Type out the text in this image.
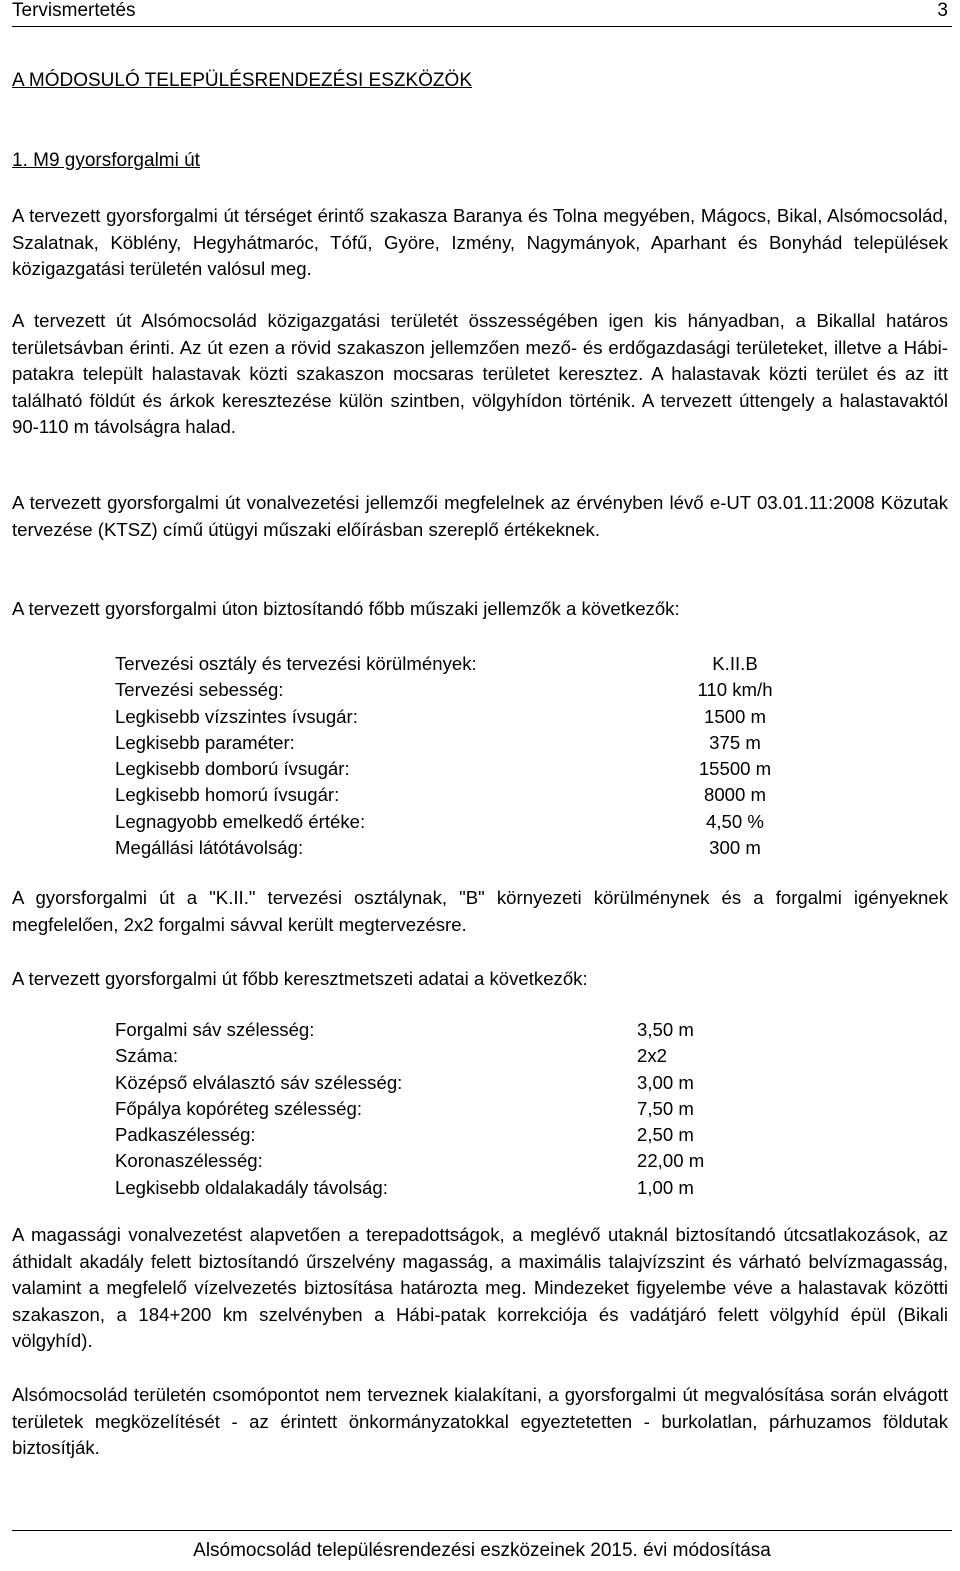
Tervismertetés	3
A MÓDOSULÓ TELEPÜLÉSRENDEZÉSI ESZKÖZÖK
1. M9 gyorsforgalmi út
A tervezett gyorsforgalmi út térséget érintő szakasza Baranya és Tolna megyében, Mágocs, Bikal, Alsómocsolád, Szalatnak, Köblény, Hegyhátmaróc, Tófű, Györe, Izmény, Nagymányok, Aparhant és Bonyhád települések közigazgatási területén valósul meg.
A tervezett út Alsómocsolád közigazgatási területét összességében igen kis hányadban, a Bikallal határos területsávban érinti. Az út ezen a rövid szakaszon jellemzően mező- és erdőgazdasági területeket, illetve a Hábi-patakra települt halastavak közti szakaszon mocsaras területet keresztez. A halastavak közti terület és az itt található földút és árkok keresztezése külön szintben, völgyhídon történik. A tervezett úttengely a halastavaktól 90-110 m távolságra halad.
A tervezett gyorsforgalmi út vonalvezetési jellemzői megfelelnek az érvényben lévő e-UT 03.01.11:2008 Közutak tervezése (KTSZ) című útügyi műszaki előírásban szereplő értékeknek.
A tervezett gyorsforgalmi úton biztosítandó főbb műszaki jellemzők a következők:
Tervezési osztály és tervezési körülmények:	K.II.B
Tervezési sebesség:	110 km/h
Legkisebb vízszintes ívsugár:	1500 m
Legkisebb paraméter:	375 m
Legkisebb domború ívsugár:	15500 m
Legkisebb homorú ívsugár:	8000 m
Legnagyobb emelkedő értéke:	4,50 %
Megállási látótávolság:	300 m
A gyorsforgalmi út a "K.II." tervezési osztálynak, "B" környezeti körülménynek és a forgalmi igényeknek megfelelően, 2x2 forgalmi sávval került megtervezésre.
A tervezett gyorsforgalmi út főbb keresztmetszeti adatai a következők:
Forgalmi sáv szélesség:	3,50 m
Száma:	2x2
Középső elválasztó sáv szélesség:	3,00 m
Főpálya kopóréteg szélesség:	7,50 m
Padkaszélesség:	2,50 m
Koronaszélesség:	22,00 m
Legkisebb oldalakadály távolság:	1,00 m
A magassági vonalvezetést alapvetően a terepadottságok, a meglévő utaknál biztosítandó útcsatlakozások, az áthidalt akadály felett biztosítandó űrszelvény magasság, a maximális talajvízszint és várható belvízmagasság, valamint a megfelelő vízelvezetés biztosítása határozta meg. Mindezeket figyelembe véve a halastavak közötti szakaszon, a 184+200 km szelvényben a Hábi-patak korrekciója és vadátjáró felett völgyhíd épül (Bikali völgyhíd).
Alsómocsolád területén csomópontot nem terveznek kialakítani, a gyorsforgalmi út megvalósítása során elvágott területek megközelítését - az érintett önkormányzatokkal egyeztetetten - burkolatlan, párhuzamos földutak biztosítják.
Alsómocsolád településrendezési eszközeinek 2015. évi módosítása
